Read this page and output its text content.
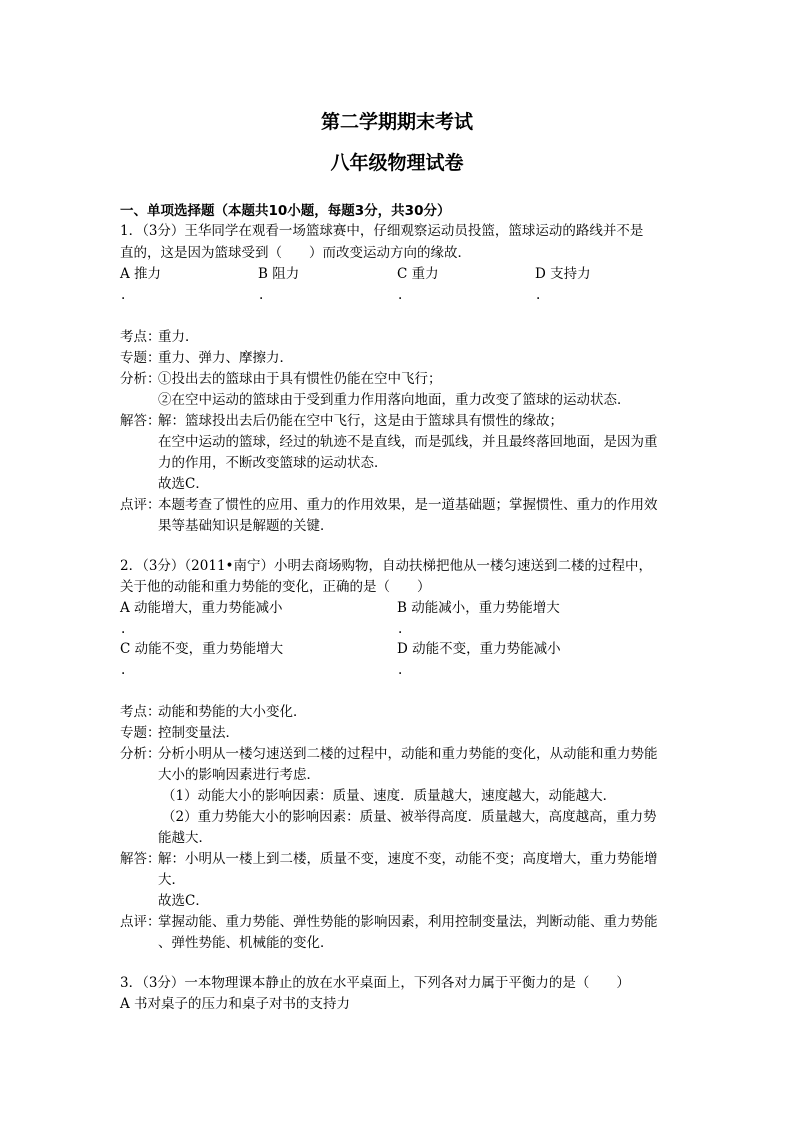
第二学期期末考试
八年级物理试卷
一、单项选择题（本题共10小题，每题3分，共30分）
1．（3分）王华同学在观看一场篮球赛中，仔细观察运动员投篮，篮球运动的路线并不是
直的，这是因为篮球受到（　　）而改变运动方向的缘故．
A 推力	B 阻力	C 重力	D 支持力
.	.	.	.
考点：
重力．
专题：
重力、弹力、摩擦力．
分析：
①投出去的篮球由于具有惯性仍能在空中飞行；
②在空中运动的篮球由于受到重力作用落向地面，重力改变了篮球的运动状态．
解答：
解：篮球投出去后仍能在空中飞行，这是由于篮球具有惯性的缘故；
在空中运动的篮球，经过的轨迹不是直线，而是弧线，并且最终落回地面，是因为重
力的作用，不断改变篮球的运动状态．
故选C．
点评：
本题考查了惯性的应用、重力的作用效果，是一道基础题；掌握惯性、重力的作用效
果等基础知识是解题的关键．
2．（3分）（2011•南宁）小明去商场购物，自动扶梯把他从一楼匀速送到二楼的过程中，
关于他的动能和重力势能的变化，正确的是（　　）
A 动能增大，重力势能减小	B 动能减小，重力势能增大
.	.
C 动能不变，重力势能增大	D 动能不变，重力势能减小
.	.
考点：
动能和势能的大小变化．
专题：
控制变量法．
分析：
分析小明从一楼匀速送到二楼的过程中，动能和重力势能的变化，从动能和重力势能
大小的影响因素进行考虑．
（1）动能大小的影响因素：质量、速度．质量越大，速度越大，动能越大．
（2）重力势能大小的影响因素：质量、被举得高度．质量越大，高度越高，重力势
能越大．
解答：
解：小明从一楼上到二楼，质量不变，速度不变，动能不变；高度增大，重力势能增
大．
故选C．
点评：
掌握动能、重力势能、弹性势能的影响因素，利用控制变量法，判断动能、重力势能
、弹性势能、机械能的变化．
3．（3分）一本物理课本静止的放在水平桌面上，下列各对力属于平衡力的是（　　）
A 书对桌子的压力和桌子对书的支持力
